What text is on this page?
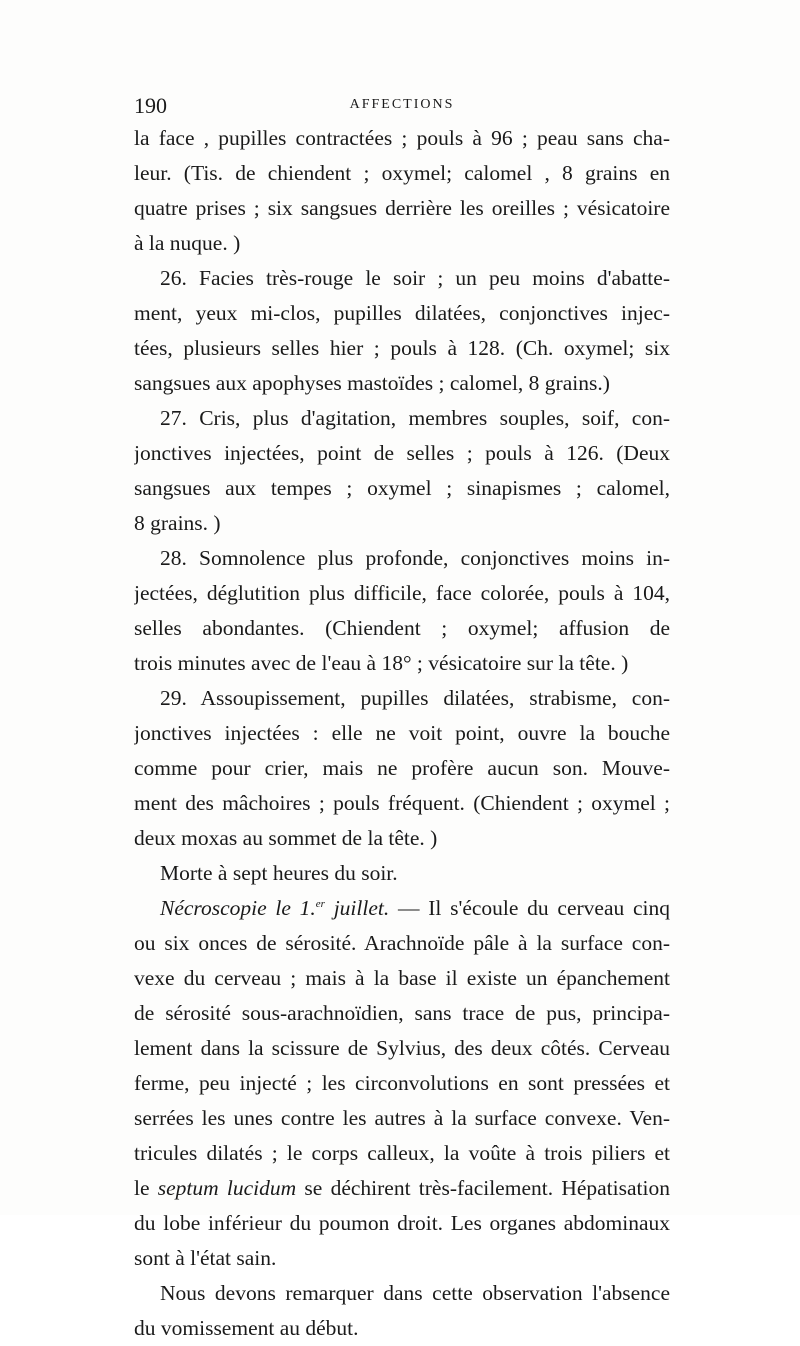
190	AFFECTIONS
la face , pupilles contractées ; pouls à 96 ; peau sans cha-
leur. (Tis. de chiendent ; oxymel; calomel , 8 grains en
quatre prises ; six sangsues derrière les oreilles ; vésicatoire
à la nuque. )
26. Facies très-rouge le soir ; un peu moins d'abatte-
ment, yeux mi-clos, pupilles dilatées, conjonctives injec-
tées, plusieurs selles hier ; pouls à 128. (Ch. oxymel; six
sangsues aux apophyses mastoïdes ; calomel, 8 grains.)
27. Cris, plus d'agitation, membres souples, soif, con-
jonctives injectées, point de selles ; pouls à 126. (Deux
sangsues aux tempes ; oxymel ; sinapismes ; calomel,
8 grains. )
28. Somnolence plus profonde, conjonctives moins in-
jectées, déglutition plus difficile, face colorée, pouls à 104,
selles abondantes. (Chiendent ; oxymel; affusion de
trois minutes avec de l'eau à 18° ; vésicatoire sur la tête. )
29. Assoupissement, pupilles dilatées, strabisme, con-
jonctives injectées : elle ne voit point, ouvre la bouche
comme pour crier, mais ne profère aucun son. Mouve-
ment des mâchoires ; pouls fréquent. (Chiendent ; oxymel ;
deux moxas au sommet de la tête. )
Morte à sept heures du soir.
Nécroscopie le 1.$^{er}$ juillet. — Il s'écoule du cerveau cinq
ou six onces de sérosité. Arachnoïde pâle à la surface con-
vexe du cerveau ; mais à la base il existe un épanchement
de sérosité sous-arachnoïdien, sans trace de pus, principa-
lement dans la scissure de Sylvius, des deux côtés. Cerveau
ferme, peu injecté ; les circonvolutions en sont pressées et
serrées les unes contre les autres à la surface convexe. Ven-
tricules dilatés ; le corps calleux, la voûte à trois piliers et
le septum lucidum se déchirent très-facilement. Hépatisation
du lobe inférieur du poumon droit. Les organes abdominaux
sont à l'état sain.
Nous devons remarquer dans cette observation l'absence
du vomissement au début.
